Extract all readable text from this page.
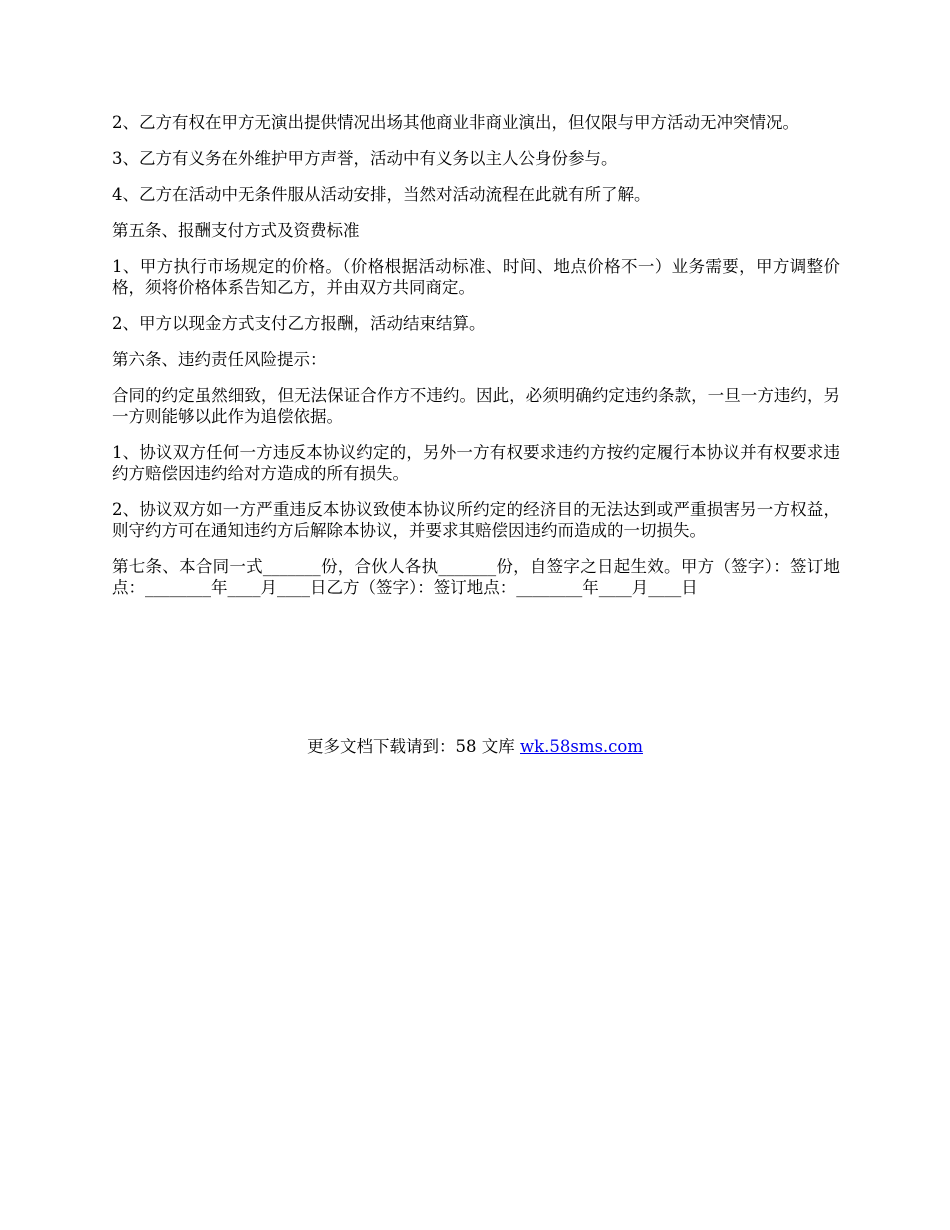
2、乙方有权在甲方无演出提供情况出场其他商业非商业演出，但仅限与甲方活动无冲突情况。

3、乙方有义务在外维护甲方声誉，活动中有义务以主人公身份参与。

4、乙方在活动中无条件服从活动安排，当然对活动流程在此就有所了解。

第五条、报酬支付方式及资费标准

1、甲方执行市场规定的价格。（价格根据活动标准、时间、地点价格不一）业务需要，甲方调整价格，须将价格体系告知乙方，并由双方共同商定。

2、甲方以现金方式支付乙方报酬，活动结束结算。

第六条、违约责任风险提示：

合同的约定虽然细致，但无法保证合作方不违约。因此，必须明确约定违约条款，一旦一方违约，另一方则能够以此作为追偿依据。

1、协议双方任何一方违反本协议约定的，另外一方有权要求违约方按约定履行本协议并有权要求违约方赔偿因违约给对方造成的所有损失。

2、协议双方如一方严重违反本协议致使本协议所约定的经济目的无法达到或严重损害另一方权益，则守约方可在通知违约方后解除本协议，并要求其赔偿因违约而造成的一切损失。

第七条、本合同一式_______份，合伙人各执_______份，自签字之日起生效。甲方（签字）：签订地点：________年____月____日乙方（签字）：签订地点：________年____月____日

更多文档下载请到：58 文库 wk.58sms.com
